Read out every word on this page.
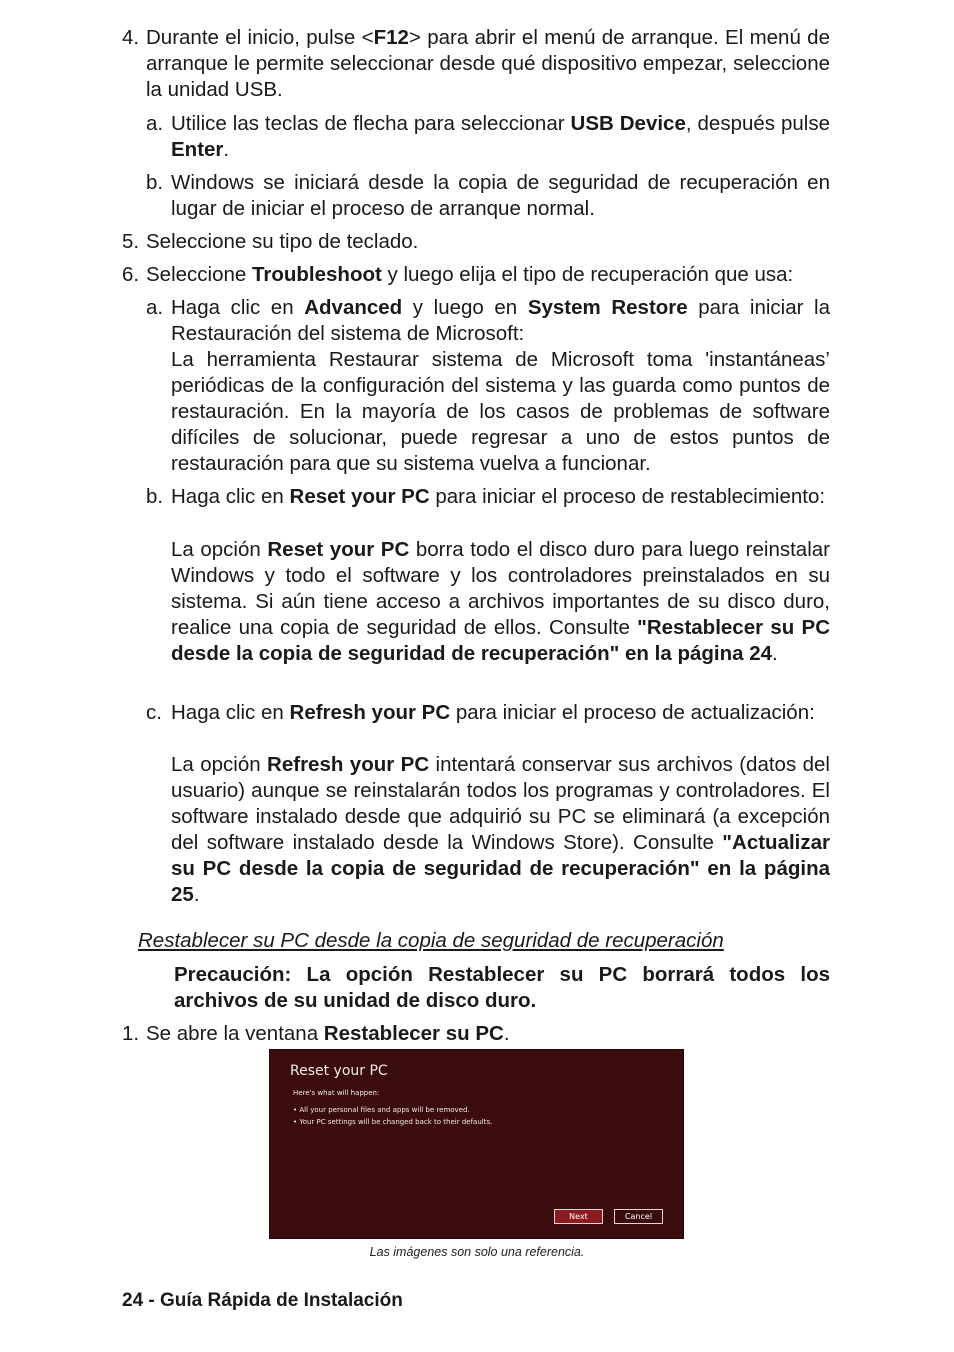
4. Durante el inicio, pulse <F12> para abrir el menú de arranque. El menú de arranque le permite seleccionar desde qué dispositivo empezar, seleccione la unidad USB.
a. Utilice las teclas de flecha para seleccionar USB Device, después pulse Enter.
b. Windows se iniciará desde la copia de seguridad de recuperación en lugar de iniciar el proceso de arranque normal.
5. Seleccione su tipo de teclado.
6. Seleccione Troubleshoot y luego elija el tipo de recuperación que usa:
a. Haga clic en Advanced y luego en System Restore para iniciar la Restauración del sistema de Microsoft:
La herramienta Restaurar sistema de Microsoft toma 'instantáneas’ periódicas de la configuración del sistema y las guarda como puntos de restauración. En la mayoría de los casos de problemas de software difíciles de solucionar, puede regresar a uno de estos puntos de restauración para que su sistema vuelva a funcionar.
b. Haga clic en Reset your PC para iniciar el proceso de restablecimiento:
La opción Reset your PC borra todo el disco duro para luego reinstalar Windows y todo el software y los controladores preinstalados en su sistema. Si aún tiene acceso a archivos importantes de su disco duro, realice una copia de seguridad de ellos. Consulte "Restablecer su PC desde la copia de seguridad de recuperación" en la página 24.
c. Haga clic en Refresh your PC para iniciar el proceso de actualización:
La opción Refresh your PC intentará conservar sus archivos (datos del usuario) aunque se reinstalarán todos los programas y controladores. El software instalado desde que adquirió su PC se eliminará (a excepción del software instalado desde la Windows Store). Consulte "Actualizar su PC desde la copia de seguridad de recuperación" en la página 25.
Restablecer su PC desde la copia de seguridad de recuperación
Precaución: La opción Restablecer su PC borrará todos los archivos de su unidad de disco duro.
1. Se abre la ventana Restablecer su PC.
Reset your PC
Here's what will happen:
• All your personal files and apps will be removed.
• Your PC settings will be changed back to their defaults.
Next	Cancel
Las imágenes son solo una referencia.
24 - Guía Rápida de Instalación
